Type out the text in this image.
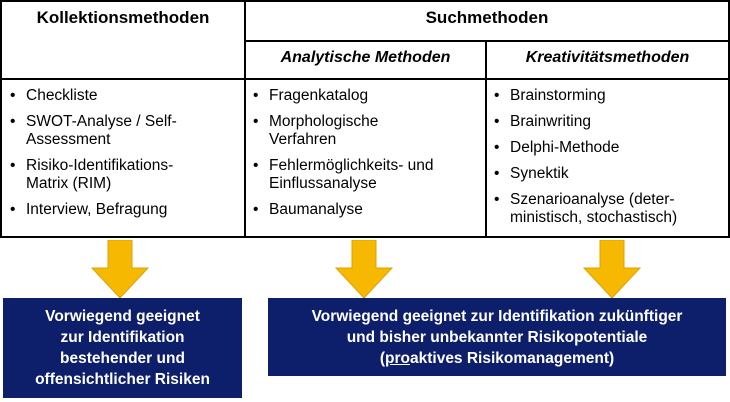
Kollektionsmethoden	Suchmethoden
Analytische Methoden	Kreativitätsmethoden
• Checkliste
• SWOT-Analyse / Self-
Assessment
• Risiko-Identifikations-
Matrix (RIM)
• Interview, Befragung
• Fragenkatalog
• Morphologische
Verfahren
• Fehlermöglichkeits- und
Einflussanalyse
• Baumanalyse
• Brainstorming
• Brainwriting
• Delphi-Methode
• Synektik
• Szenarioanalyse (deter-
ministisch, stochastisch)
Vorwiegend geeignet
zur Identifikation
bestehender und
offensichtlicher Risiken
Vorwiegend geeignet zur Identifikation zukünftiger
und bisher unbekannter Risikopotentiale
(proaktives Risikomanagement)
